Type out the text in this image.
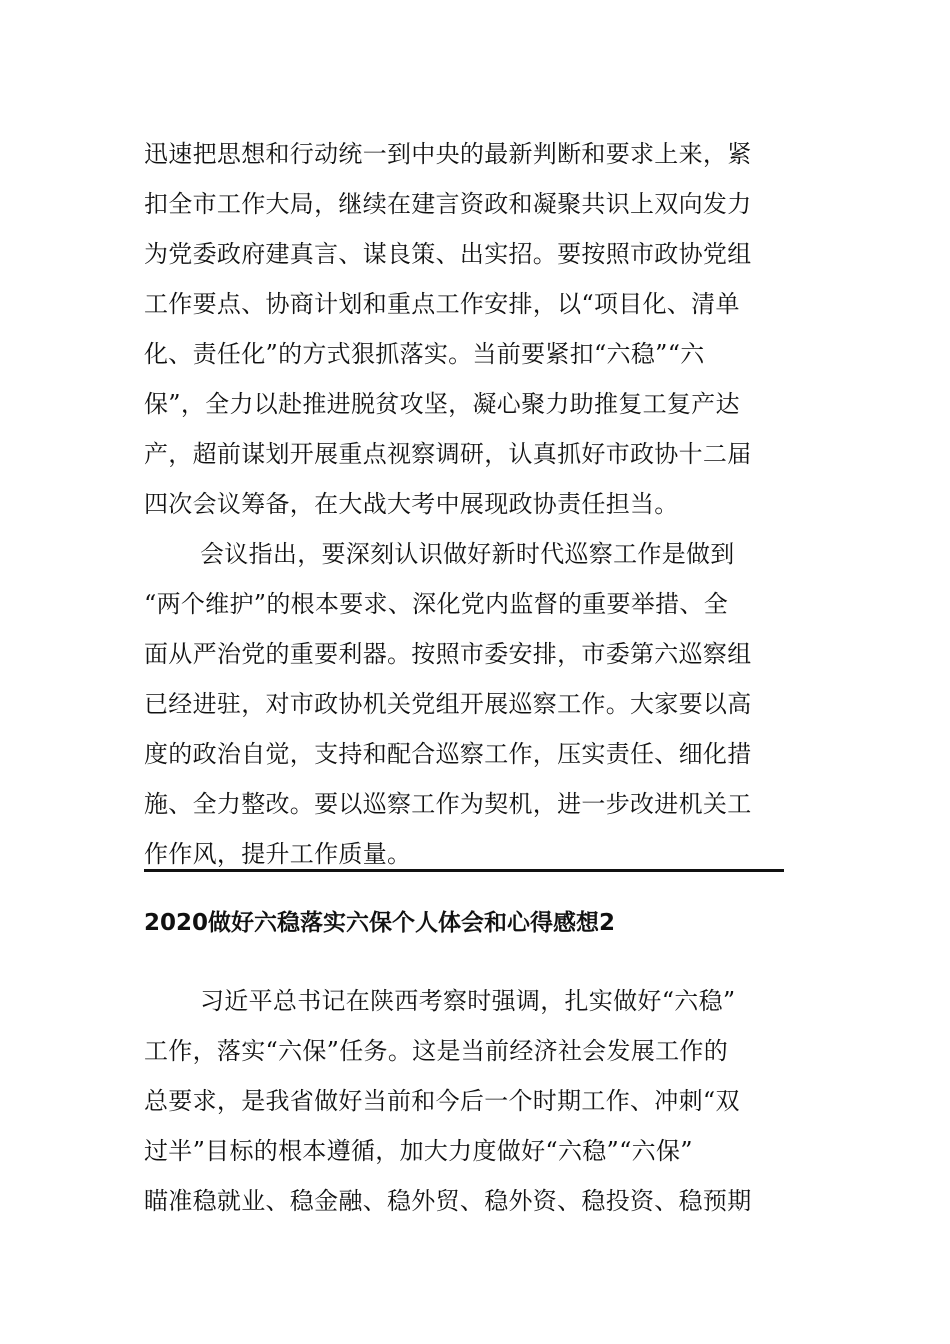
迅速把思想和行动统一到中央的最新判断和要求上来，紧
扣全市工作大局，继续在建言资政和凝聚共识上双向发力
为党委政府建真言、谋良策、出实招。要按照市政协党组
工作要点、协商计划和重点工作安排，以“项目化、清单
化、责任化”的方式狠抓落实。当前要紧扣“六稳”“六
保”，全力以赴推进脱贫攻坚，凝心聚力助推复工复产达
产，超前谋划开展重点视察调研，认真抓好市政协十二届
四次会议筹备，在大战大考中展现政协责任担当。
会议指出，要深刻认识做好新时代巡察工作是做到
“两个维护”的根本要求、深化党内监督的重要举措、全
面从严治党的重要利器。按照市委安排，市委第六巡察组
已经进驻，对市政协机关党组开展巡察工作。大家要以高
度的政治自觉，支持和配合巡察工作，压实责任、细化措
施、全力整改。要以巡察工作为契机，进一步改进机关工
作作风，提升工作质量。
2020做好六稳落实六保个人体会和心得感想2
习近平总书记在陕西考察时强调，扎实做好“六稳”
工作，落实“六保”任务。这是当前经济社会发展工作的
总要求，是我省做好当前和今后一个时期工作、冲刺“双
过半”目标的根本遵循，加大力度做好“六稳”“六保”
瞄准稳就业、稳金融、稳外贸、稳外资、稳投资、稳预期
